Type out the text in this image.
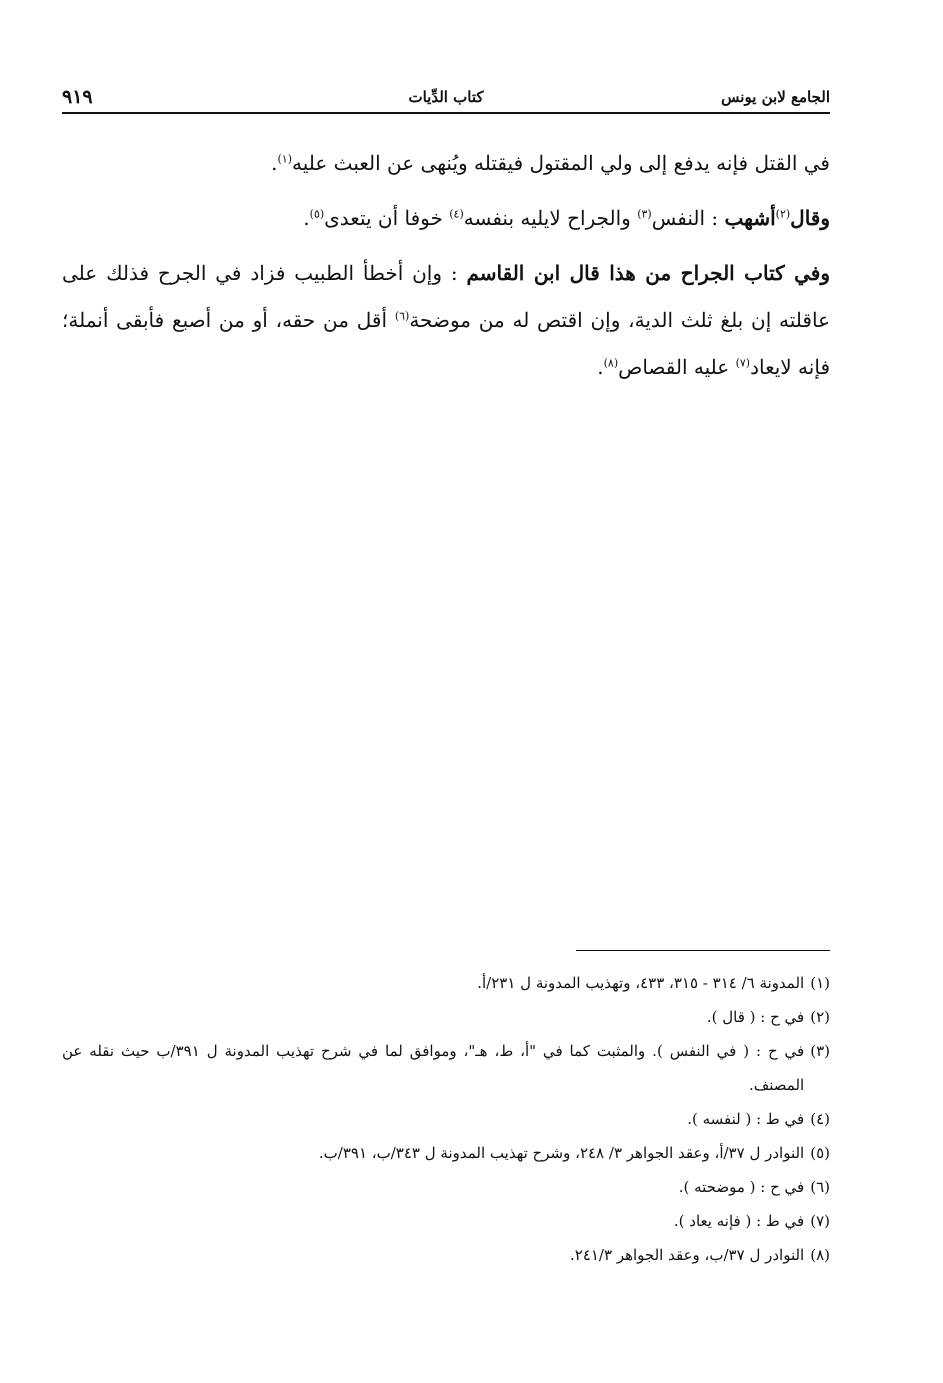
الجامع لابن يونس
كتاب الدِّيات
٩١٩

في القتل فإنه يدفع إلى ولي المقتول فيقتله ويُنهى عن العبث عليه$^{(١)}$.

وقال$^{(٢)}$أشهب : النفس$^{(٣)}$ والجراح لايليه بنفسه$^{(٤)}$ خوفا أن يتعدى$^{(٥)}$.

وفي كتاب الجراح من هذا قال ابن القاسم : وإن أخطأ الطبيب فزاد في الجرح فذلك على عاقلته إن بلغ ثلث الدية، وإن اقتص له من موضحة$^{(٦)}$ أقل من حقه، أو من أصبع فأبقى أنملة؛ فإنه لايعاد$^{(٧)}$ عليه القصاص$^{(٨)}$.

(١)
المدونة ٦/ ٣١٤ - ٣١٥، ٤٣٣، وتهذيب المدونة ل ٢٣١/أ.
(٢)
في ح : ( قال ).
(٣)
في ح : ( في النفس ). والمثبت كما في "أ، ط، هـ"، وموافق لما في شرح تهذيب المدونة ل ٣٩١/ب حيث نقله عن المصنف.
(٤)
في ط : ( لنفسه ).
(٥)
النوادر ل ٣٧/أ، وعقد الجواهر ٣/ ٢٤٨، وشرح تهذيب المدونة ل ٣٤٣/ب، ٣٩١/ب.
(٦)
في ح : ( موضحته ).
(٧)
في ط : ( فإنه يعاد ).
(٨)
النوادر ل ٣٧/ب، وعقد الجواهر ٢٤١/٣.
